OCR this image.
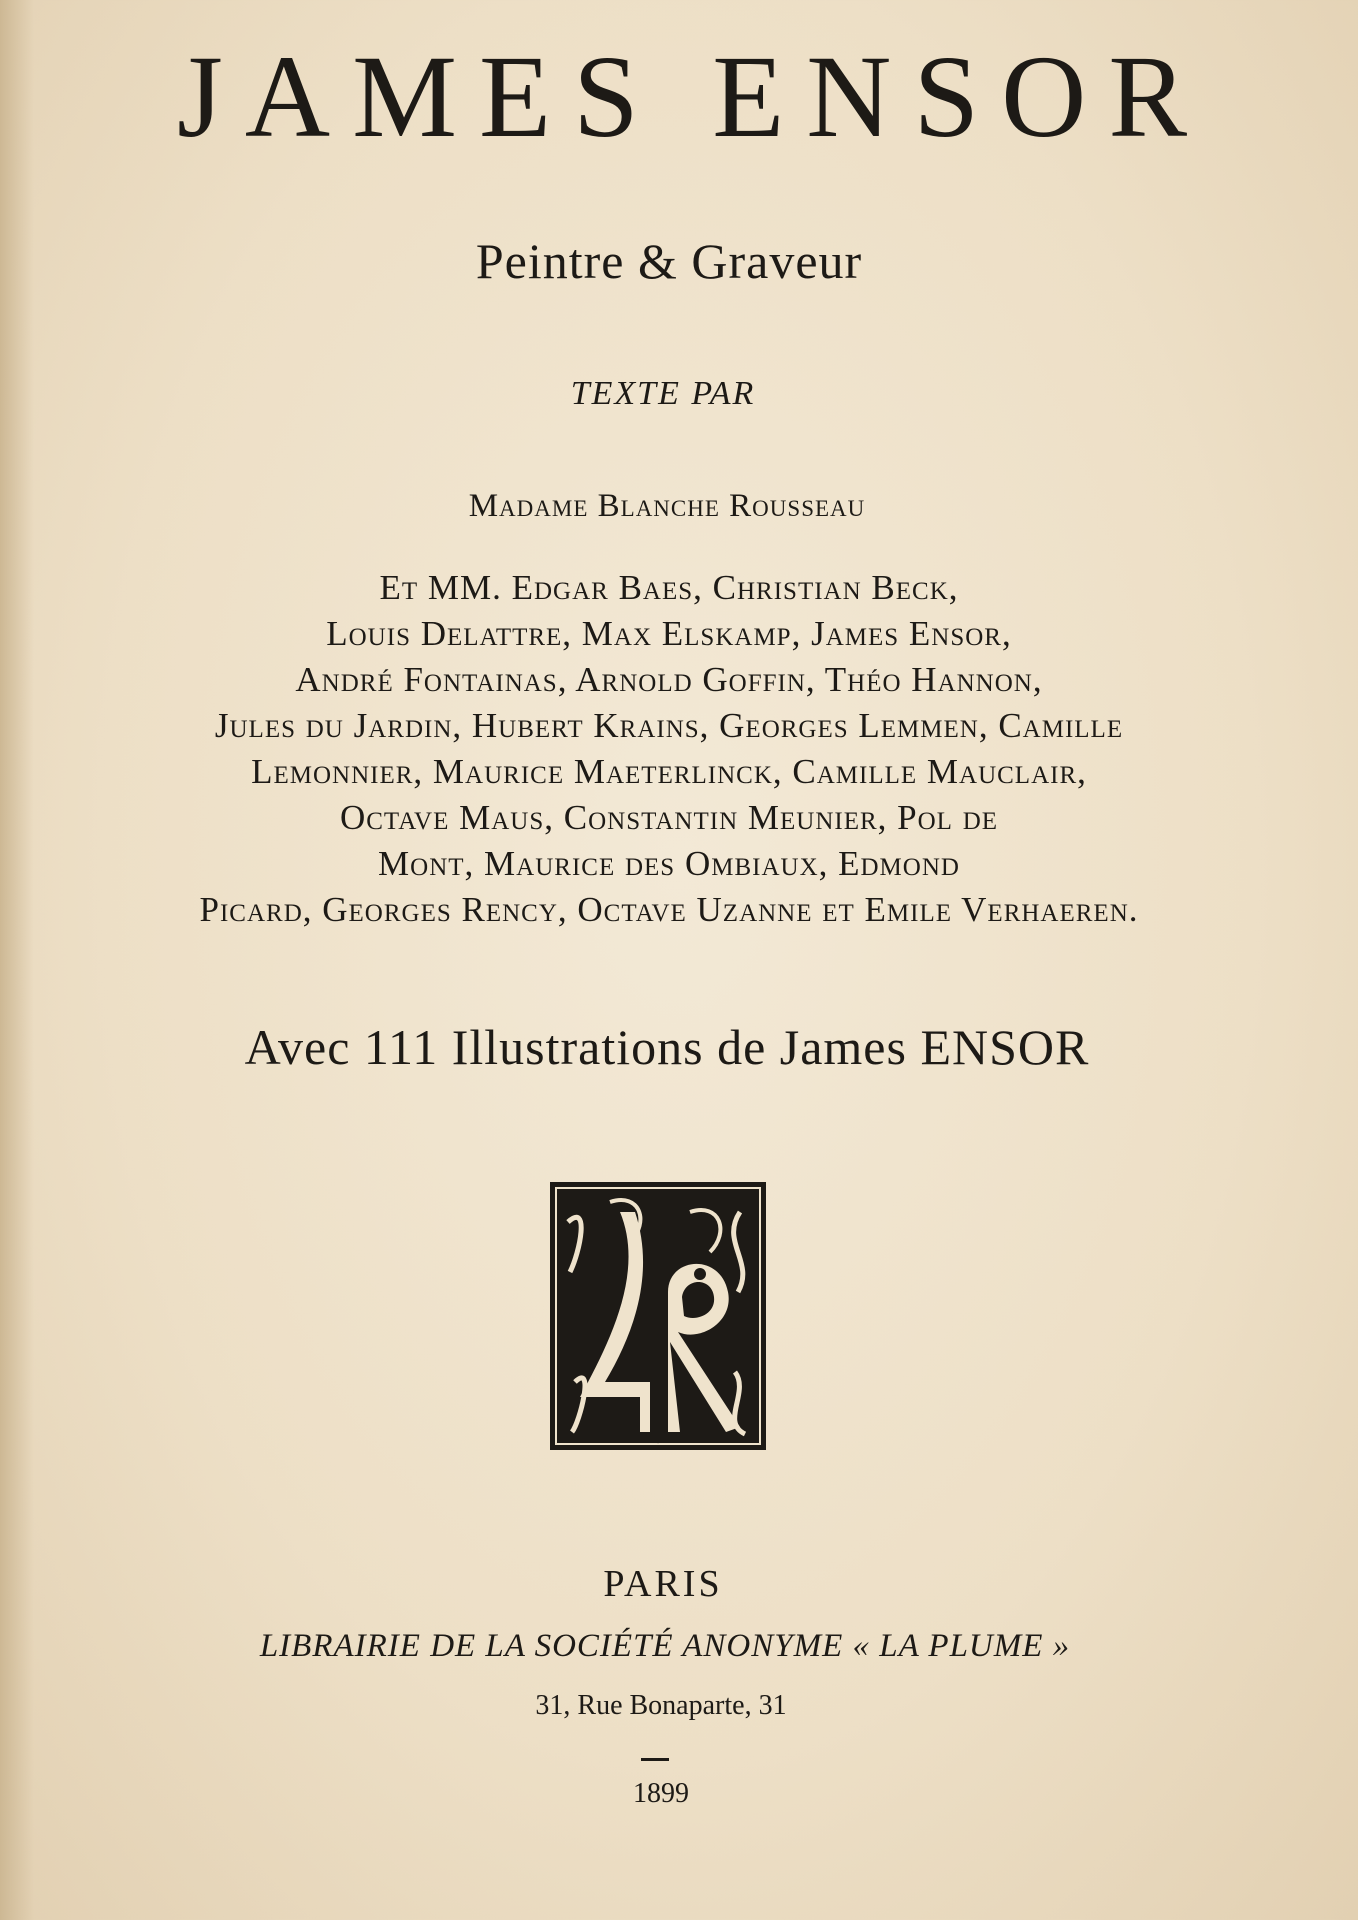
JAMES ENSOR
Peintre & Graveur
TEXTE PAR
Madame Blanche Rousseau
Et MM. Edgar Baes, Christian Beck,
Louis Delattre, Max Elskamp, James Ensor,
André Fontainas, Arnold Goffin, Théo Hannon,
Jules du Jardin, Hubert Krains, Georges Lemmen, Camille
Lemonnier, Maurice Maeterlinck, Camille Mauclair,
Octave Maus, Constantin Meunier, Pol de
Mont, Maurice des Ombiaux, Edmond
Picard, Georges Rency, Octave Uzanne et Emile Verhaeren.
Avec 111 Illustrations de James ENSOR
LP
PARIS
LIBRAIRIE DE LA SOCIÉTÉ ANONYME « LA PLUME »
31, Rue Bonaparte, 31
1899
